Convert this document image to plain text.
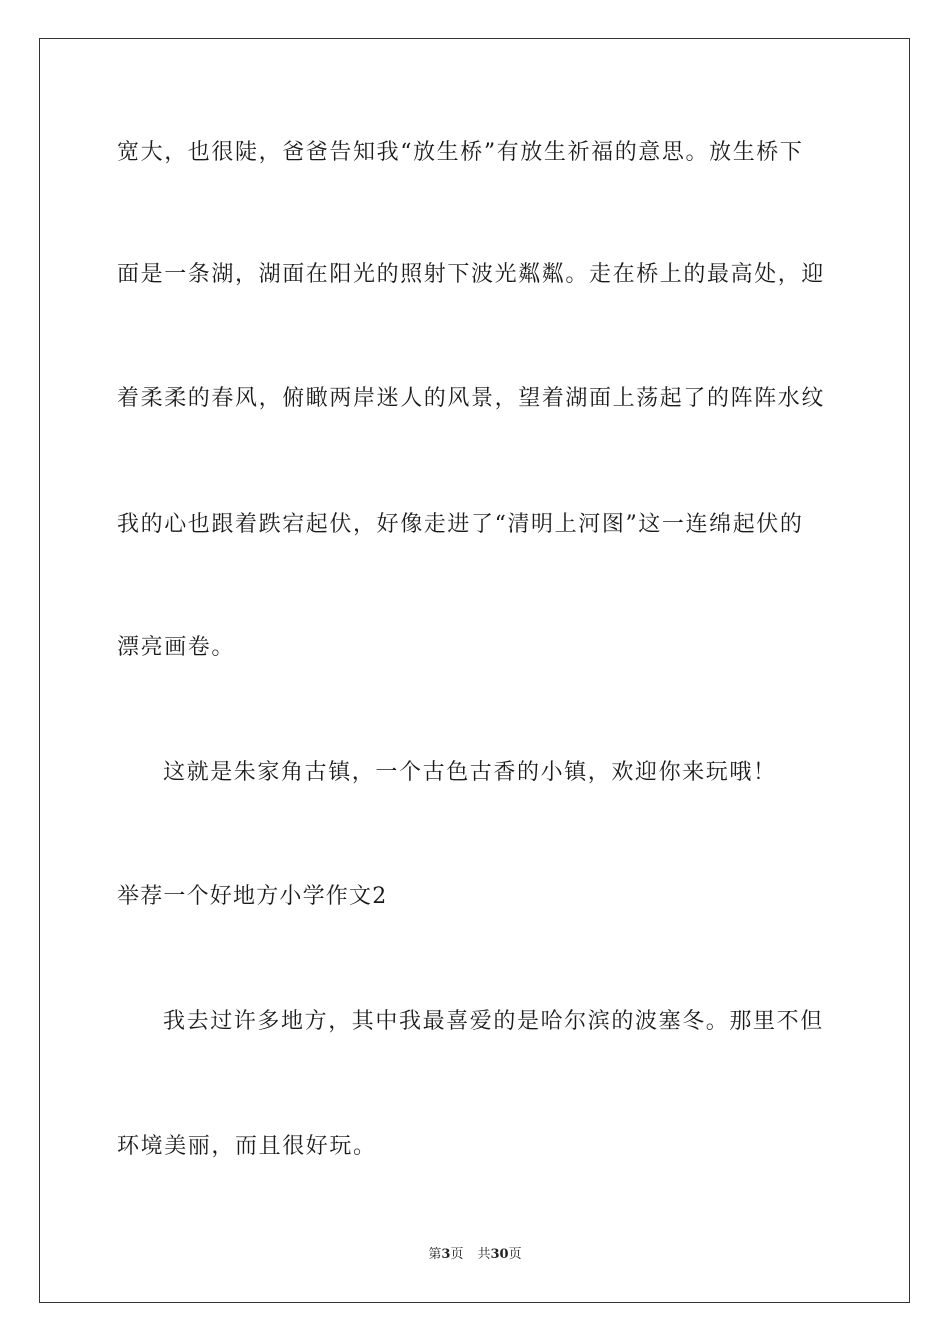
宽大，也很陡，爸爸告知我“放生桥”有放生祈福的意思。放生桥下
面是一条湖，湖面在阳光的照射下波光粼粼。走在桥上的最高处，迎
着柔柔的春风，俯瞰两岸迷人的风景，望着湖面上荡起了的阵阵水纹
我的心也跟着跌宕起伏，好像走进了“清明上河图”这一连绵起伏的
漂亮画卷。
这就是朱家角古镇，一个古色古香的小镇，欢迎你来玩哦！
举荐一个好地方小学作文2
我去过许多地方，其中我最喜爱的是哈尔滨的波塞冬。那里不但
环境美丽，而且很好玩。
第3页 共30页
